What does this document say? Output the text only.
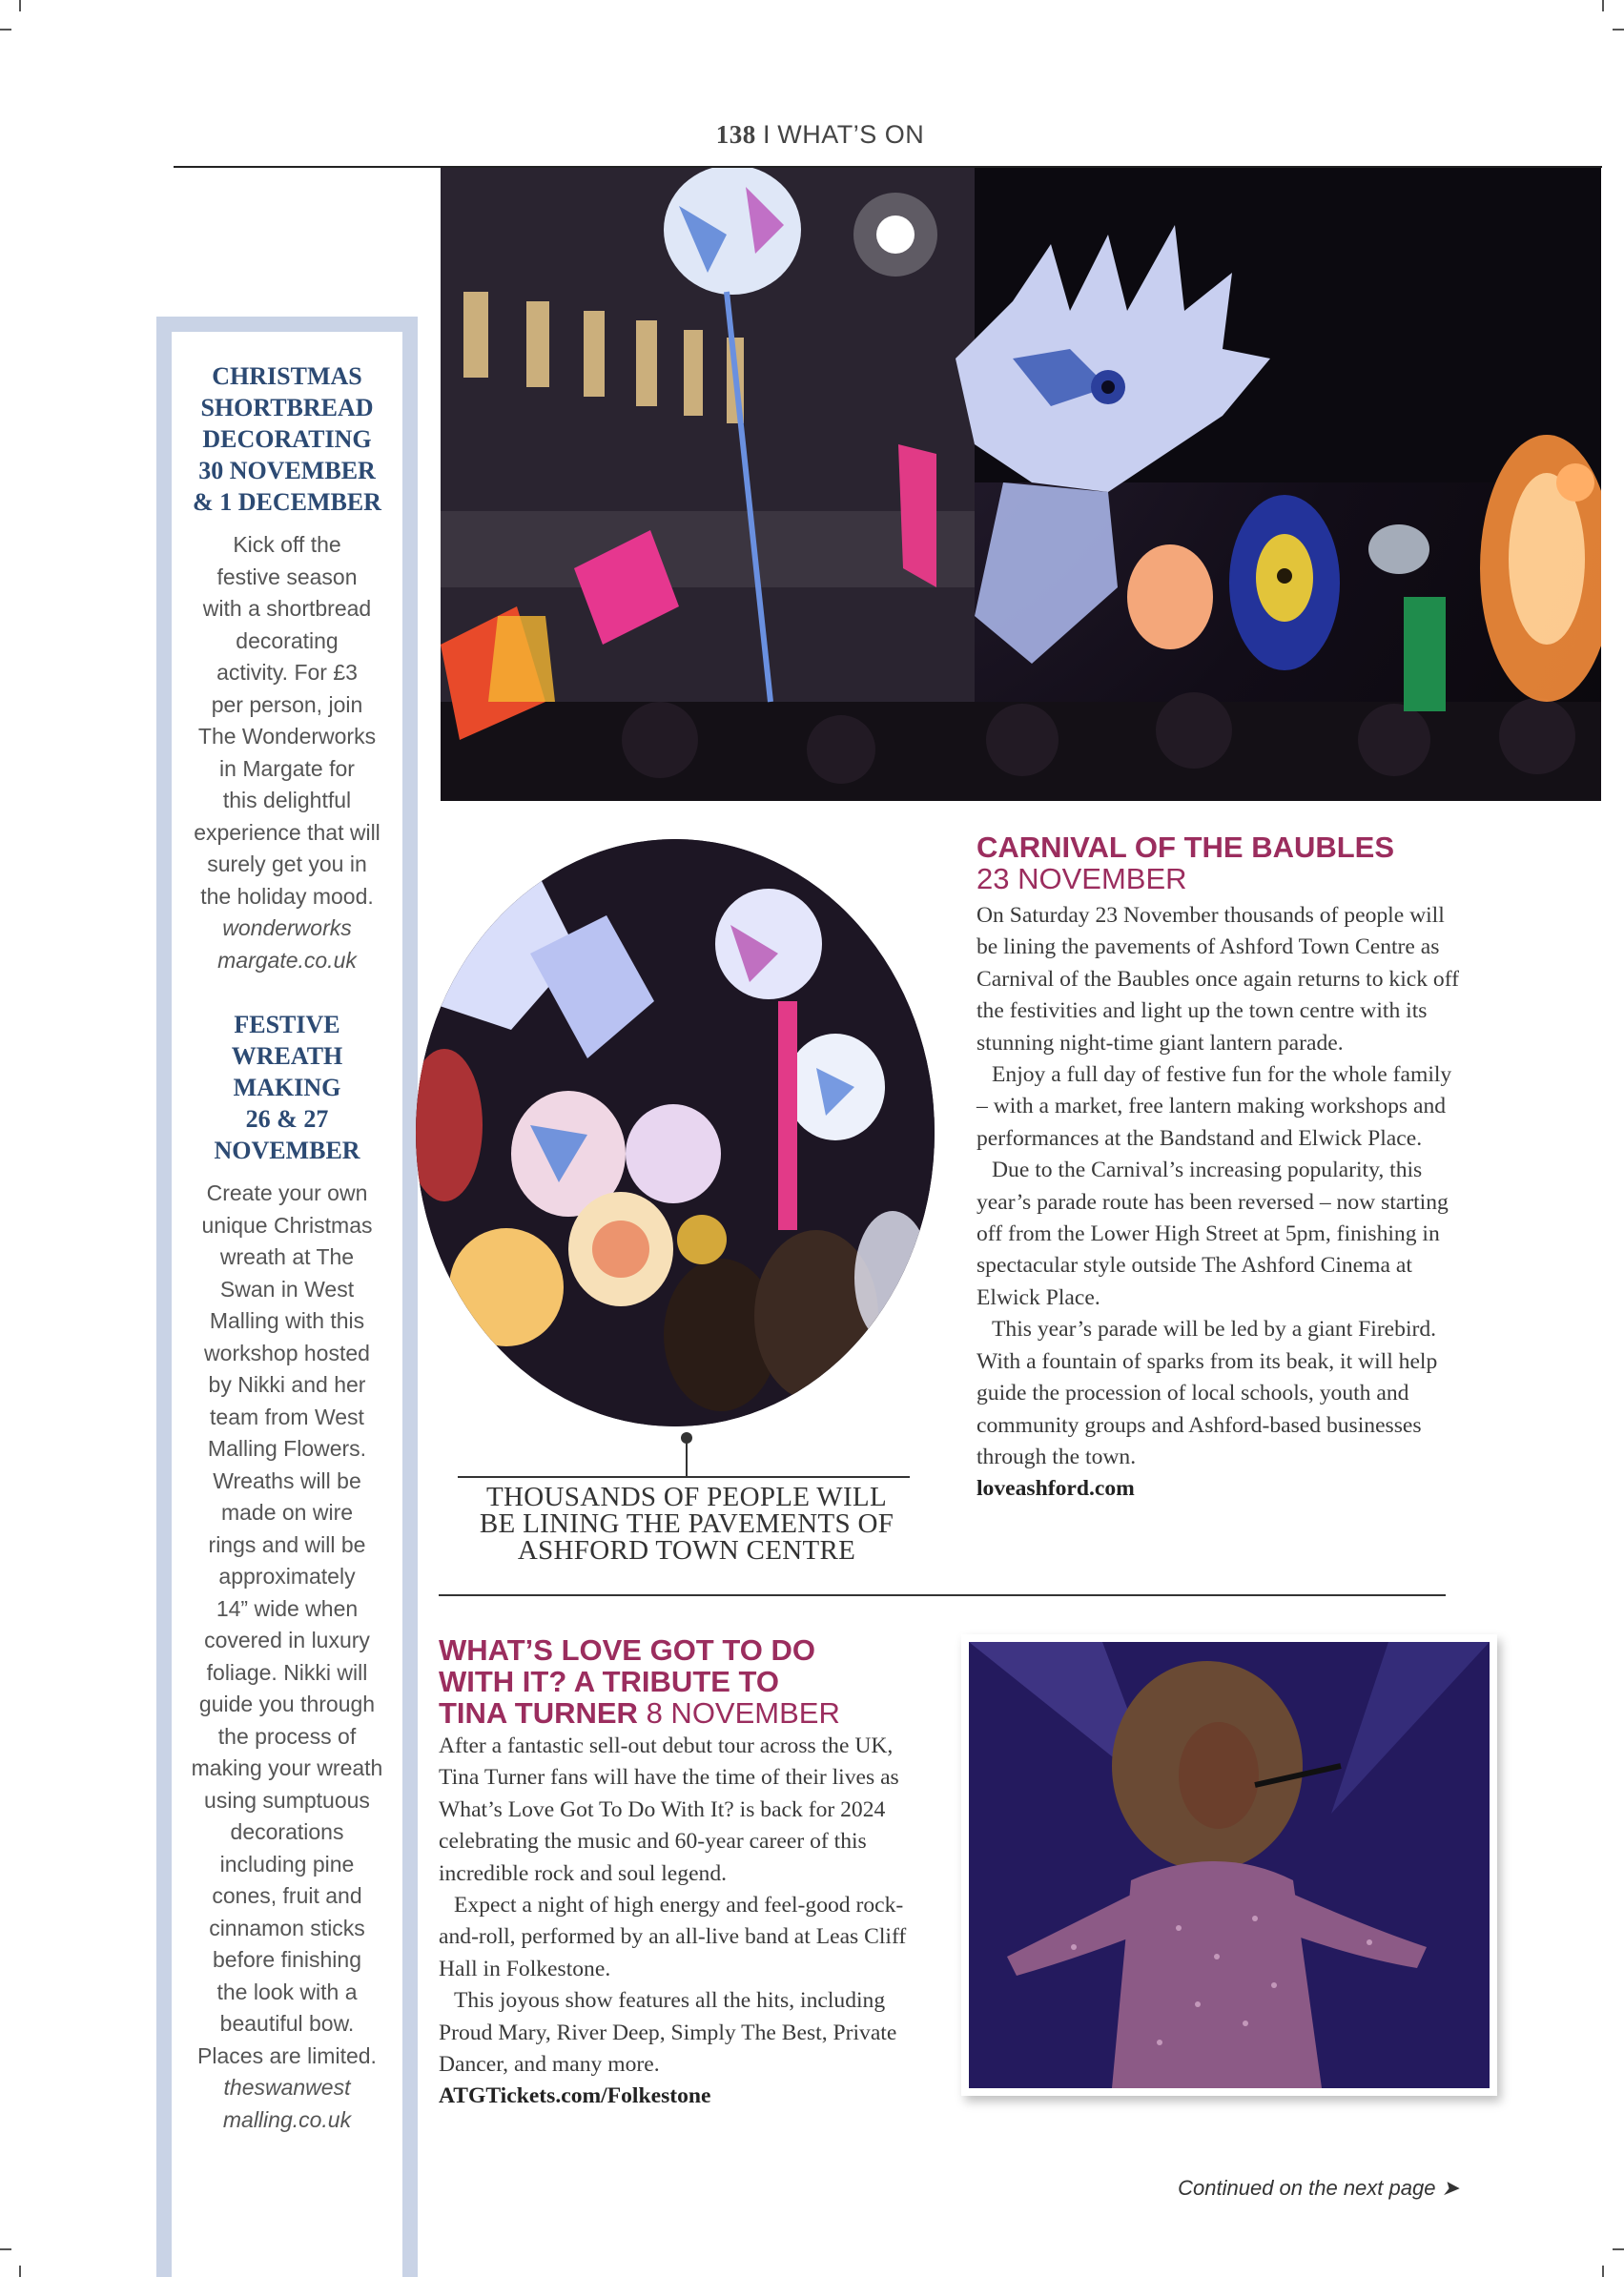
138 I WHAT’S ON
CHRISTMAS
SHORTBREAD
DECORATING
30 NOVEMBER
& 1 DECEMBER
Kick off the
festive season
with a shortbread
decorating
activity. For £3
per person, join
The Wonderworks
in Margate for
this delightful
experience that will
surely get you in
the holiday mood.
wonderworks
margate.co.uk
FESTIVE
WREATH
MAKING
26 & 27
NOVEMBER
Create your own
unique Christmas
wreath at The
Swan in West
Malling with this
workshop hosted
by Nikki and her
team from West
Malling Flowers.
Wreaths will be
made on wire
rings and will be
approximately
14” wide when
covered in luxury
foliage. Nikki will
guide you through
the process of
making your wreath
using sumptuous
decorations
including pine
cones, fruit and
cinnamon sticks
before finishing
the look with a
beautiful bow.
Places are limited.
theswanwest
malling.co.uk
THOUSANDS OF PEOPLE WILL
BE LINING THE PAVEMENTS OF
ASHFORD TOWN CENTRE
CARNIVAL OF THE BAUBLES
23 NOVEMBER

On Saturday 23 November thousands of people will be lining the pavements of Ashford Town Centre as Carnival of the Baubles once again returns to kick off the festivities and light up the town centre with its stunning night-time giant lantern parade.

Enjoy a full day of festive fun for the whole family – with a market, free lantern making workshops and performances at the Bandstand and Elwick Place.

Due to the Carnival’s increasing popularity, this year’s parade route has been reversed – now starting off from the Lower High Street at 5pm, finishing in spectacular style outside The Ashford Cinema at Elwick Place.

This year’s parade will be led by a giant Firebird. With a fountain of sparks from its beak, it will help guide the procession of local schools, youth and community groups and Ashford-based businesses through the town.

loveashford.com

WHAT’S LOVE GOT TO DO
WITH IT? A TRIBUTE TO
TINA TURNER 8 NOVEMBER

After a fantastic sell-out debut tour across the UK, Tina Turner fans will have the time of their lives as What’s Love Got To Do With It? is back for 2024 celebrating the music and 60-year career of this incredible rock and soul legend.

Expect a night of high energy and feel-good rock-and-roll, performed by an all-live band at Leas Cliff Hall in Folkestone.

This joyous show features all the hits, including Proud Mary, River Deep, Simply The Best, Private Dancer, and many more.

ATGTickets.com/Folkestone

Continued on the next page ➤
